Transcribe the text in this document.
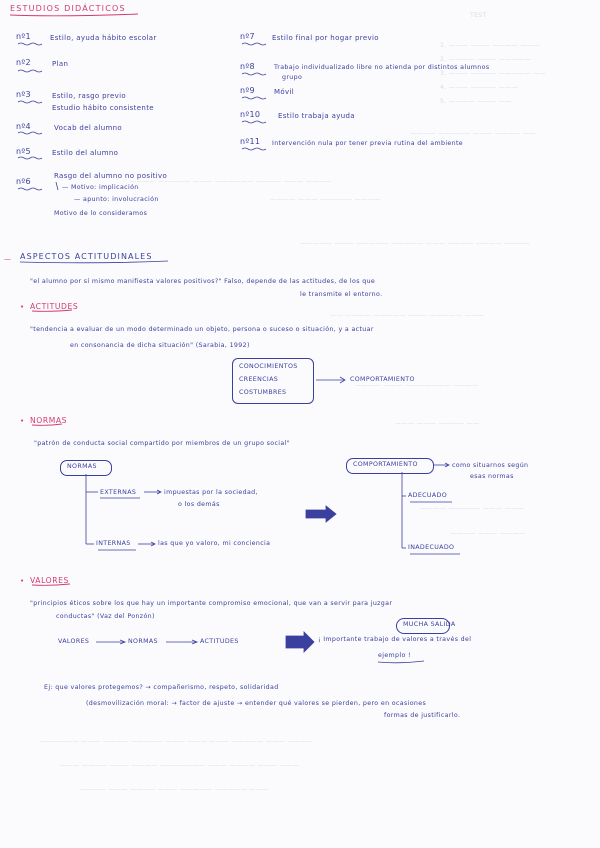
TEST
1. ——— ——— ———— ———
2. ———— ——— —————
3. ——— ———— ————— ——
4. ——— ———— ———
5. ———— ——— ——
———— ————— ——— ———— ——
———— ————— ——— —————— ———— ——— ————
———— ——— ————— ————
————— ——— ————— ————— ——— ———— ———— ————
—— ———— ————— ——— ————— ———
———— ——— ——————— ————
——— ——— ———— ——
———— ————— ——— ———
———— ——— ————
—————— ——— ———— ————— ——— ——— ——— ————— ——— ————
——— ———— ——— ———— ——————— ——— ———— ——— ———
———— ——— ———— ——— ————— ————— ———
ESTUDIOS DIDÁCTICOS
nº1	Estilo, ayuda hábito escolar
nº2	Plan
nº3	Estilo, rasgo previo
Estudio hábito consistente
nº4	Vocab del alumno
nº5	Estilo del alumno
nº6
Rasgo del alumno no positivo
— Motivo: implicación
— apunto: involucración
Motivo de lo consideramos
nº7 Estilo final por hogar previo
nº8	Trabajo individualizado libre no atienda por distintos alumnos
grupo
nº9	Móvil
nº10	Estilo trabaja ayuda
nº11 Intervención nula por tener previa rutina del ambiente
— ASPECTOS ACTITUDINALES
"el alumno por sí mismo manifiesta valores positivos?" Falso, depende de las actitudes, de los que
le transmite el entorno.
• ACTITUDES
"tendencia a evaluar de un modo determinado un objeto, persona o suceso o situación, y a actuar
en consonancia de dicha situación" (Sarabia, 1992)
CONOCIMIENTOS
CREENCIAS
COSTUMBRES
COMPORTAMIENTO
• NORMAS
"patrón de conducta social compartido por miembros de un grupo social"
NORMAS
EXTERNAS	impuestas por la sociedad,
o los demás
INTERNAS	las que yo valoro, mi conciencia
COMPORTAMIENTO	como situarnos según
esas normas
ADECUADO
INADECUADO
• VALORES
"principios éticos sobre los que hay un importante compromiso emocional, que van a servir para juzgar
conductas" (Vaz del Ponzón)
VALORES	NORMAS	ACTITUDES
MUCHA SALIDA
¡ Importante trabajo de valores a través del
ejemplo !
Ej: que valores protegemos? → compañerismo, respeto, solidaridad
(desmovilización moral: → factor de ajuste → entender qué valores se pierden, pero en ocasiones
formas de justificarlo.
